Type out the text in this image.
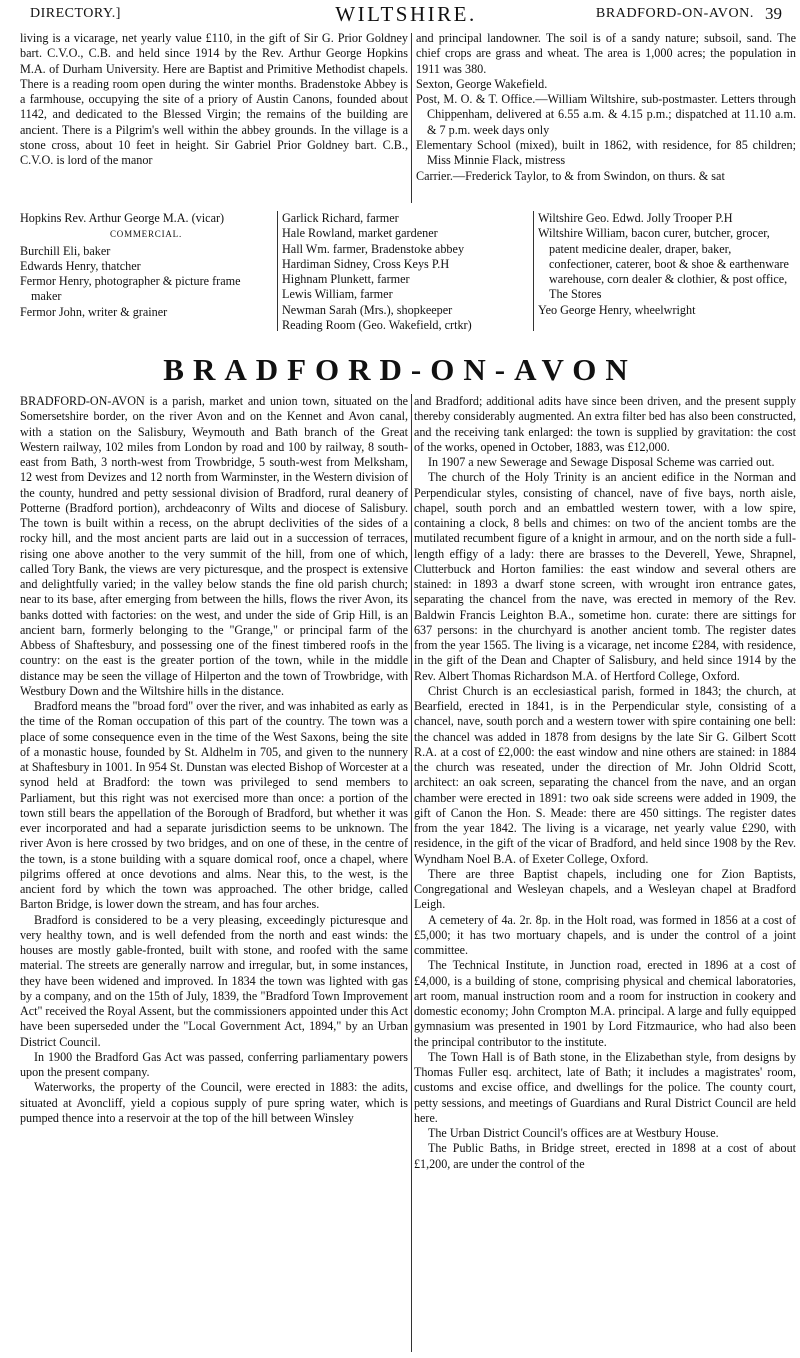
DIRECTORY.]	WILTSHIRE.	BRADFORD-ON-AVON. 39

living is a vicarage, net yearly value £110, in the gift of Sir G. Prior Goldney bart. C.V.O., C.B. and held since 1914 by the Rev. Arthur George Hopkins M.A. of Durham University. Here are Baptist and Primitive Methodist chapels. There is a reading room open during the winter months. Bradenstoke Abbey is a farmhouse, occupying the site of a priory of Austin Canons, founded about 1142, and dedicated to the Blessed Virgin; the remains of the building are ancient. There is a Pilgrim's well within the abbey grounds. In the village is a stone cross, about 10 feet in height. Sir Gabriel Prior Goldney bart. C.B., C.V.O. is lord of the manor

and principal landowner. The soil is of a sandy nature; subsoil, sand. The chief crops are grass and wheat. The area is 1,000 acres; the population in 1911 was 380.

Sexton, George Wakefield.

Post, M. O. & T. Office.—William Wiltshire, sub-postmaster. Letters through Chippenham, delivered at 6.55 a.m. & 4.15 p.m.; dispatched at 11.10 a.m. & 7 p.m. week days only

Elementary School (mixed), built in 1862, with residence, for 85 children; Miss Minnie Flack, mistress

Carrier.—Frederick Taylor, to & from Swindon, on thurs. & sat

Hopkins Rev. Arthur George M.A. (vicar)
COMMERCIAL.
Burchill Eli, baker
Edwards Henry, thatcher
Fermor Henry, photographer & picture frame maker
Fermor John, writer & grainer
Garlick Richard, farmer
Hale Rowland, market gardener
Hall Wm. farmer, Bradenstoke abbey
Hardiman Sidney, Cross Keys P.H
Highnam Plunkett, farmer
Lewis William, farmer
Newman Sarah (Mrs.), shopkeeper
Reading Room (Geo. Wakefield, crtkr)
Wiltshire Geo. Edwd. Jolly Trooper P.H
Wiltshire William, bacon curer, butcher, grocer, patent medicine dealer, draper, baker, confectioner, caterer, boot & shoe & earthenware warehouse, corn dealer & clothier, & post office, The Stores
Yeo George Henry, wheelwright
BRADFORD-ON-AVON

BRADFORD-ON-AVON is a parish, market and union town, situated on the Somersetshire border, on the river Avon and on the Kennet and Avon canal, with a station on the Salisbury, Weymouth and Bath branch of the Great Western railway, 102 miles from London by road and 100 by railway, 8 south-east from Bath, 3 north-west from Trowbridge, 5 south-west from Melksham, 12 west from Devizes and 12 north from Warminster, in the Western division of the county, hundred and petty sessional division of Bradford, rural deanery of Potterne (Bradford portion), archdeaconry of Wilts and diocese of Salisbury. The town is built within a recess, on the abrupt declivities of the sides of a rocky hill, and the most ancient parts are laid out in a succession of terraces, rising one above another to the very summit of the hill, from one of which, called Tory Bank, the views are very picturesque, and the prospect is extensive and delightfully varied; in the valley below stands the fine old parish church; near to its base, after emerging from between the hills, flows the river Avon, its banks dotted with factories: on the west, and under the side of Grip Hill, is an ancient barn, formerly belonging to the "Grange," or principal farm of the Abbess of Shaftesbury, and possessing one of the finest timbered roofs in the country: on the east is the greater portion of the town, while in the middle distance may be seen the village of Hilperton and the town of Trowbridge, with Westbury Down and the Wiltshire hills in the distance.

Bradford means the "broad ford" over the river, and was inhabited as early as the time of the Roman occupation of this part of the country. The town was a place of some consequence even in the time of the West Saxons, being the site of a monastic house, founded by St. Aldhelm in 705, and given to the nunnery at Shaftesbury in 1001. In 954 St. Dunstan was elected Bishop of Worcester at a synod held at Bradford: the town was privileged to send members to Parliament, but this right was not exercised more than once: a portion of the town still bears the appellation of the Borough of Bradford, but whether it was ever incorporated and had a separate jurisdiction seems to be unknown. The river Avon is here crossed by two bridges, and on one of these, in the centre of the town, is a stone building with a square domical roof, once a chapel, where pilgrims offered at once devotions and alms. Near this, to the west, is the ancient ford by which the town was approached. The other bridge, called Barton Bridge, is lower down the stream, and has four arches.

Bradford is considered to be a very pleasing, exceedingly picturesque and very healthy town, and is well defended from the north and east winds: the houses are mostly gable-fronted, built with stone, and roofed with the same material. The streets are generally narrow and irregular, but, in some instances, they have been widened and improved. In 1834 the town was lighted with gas by a company, and on the 15th of July, 1839, the "Bradford Town Improvement Act" received the Royal Assent, but the commissioners appointed under this Act have been superseded under the "Local Government Act, 1894," by an Urban District Council.

In 1900 the Bradford Gas Act was passed, conferring parliamentary powers upon the present company.

Waterworks, the property of the Council, were erected in 1883: the adits, situated at Avoncliff, yield a copious supply of pure spring water, which is pumped thence into a reservoir at the top of the hill between Winsley

and Bradford; additional adits have since been driven, and the present supply thereby considerably augmented. An extra filter bed has also been constructed, and the receiving tank enlarged: the town is supplied by gravitation: the cost of the works, opened in October, 1883, was £12,000.

In 1907 a new Sewerage and Sewage Disposal Scheme was carried out.

The church of the Holy Trinity is an ancient edifice in the Norman and Perpendicular styles, consisting of chancel, nave of five bays, north aisle, chapel, south porch and an embattled western tower, with a low spire, containing a clock, 8 bells and chimes: on two of the ancient tombs are the mutilated recumbent figure of a knight in armour, and on the north side a full-length effigy of a lady: there are brasses to the Deverell, Yewe, Shrapnel, Clutterbuck and Horton families: the east window and several others are stained: in 1893 a dwarf stone screen, with wrought iron entrance gates, separating the chancel from the nave, was erected in memory of the Rev. Baldwin Francis Leighton B.A., sometime hon. curate: there are sittings for 637 persons: in the churchyard is another ancient tomb. The register dates from the year 1565. The living is a vicarage, net income £284, with residence, in the gift of the Dean and Chapter of Salisbury, and held since 1914 by the Rev. Albert Thomas Richardson M.A. of Hertford College, Oxford.

Christ Church is an ecclesiastical parish, formed in 1843; the church, at Bearfield, erected in 1841, is in the Perpendicular style, consisting of a chancel, nave, south porch and a western tower with spire containing one bell: the chancel was added in 1878 from designs by the late Sir G. Gilbert Scott R.A. at a cost of £2,000: the east window and nine others are stained: in 1884 the church was reseated, under the direction of Mr. John Oldrid Scott, architect: an oak screen, separating the chancel from the nave, and an organ chamber were erected in 1891: two oak side screens were added in 1909, the gift of Canon the Hon. S. Meade: there are 450 sittings. The register dates from the year 1842. The living is a vicarage, net yearly value £290, with residence, in the gift of the vicar of Bradford, and held since 1908 by the Rev. Wyndham Noel B.A. of Exeter College, Oxford.

There are three Baptist chapels, including one for Zion Baptists, Congregational and Wesleyan chapels, and a Wesleyan chapel at Bradford Leigh.

A cemetery of 4a. 2r. 8p. in the Holt road, was formed in 1856 at a cost of £5,000; it has two mortuary chapels, and is under the control of a joint committee.

The Technical Institute, in Junction road, erected in 1896 at a cost of £4,000, is a building of stone, comprising physical and chemical laboratories, art room, manual instruction room and a room for instruction in cookery and domestic economy; John Crompton M.A. principal. A large and fully equipped gymnasium was presented in 1901 by Lord Fitzmaurice, who had also been the principal contributor to the institute.

The Town Hall is of Bath stone, in the Elizabethan style, from designs by Thomas Fuller esq. architect, late of Bath; it includes a magistrates' room, customs and excise office, and dwellings for the police. The county court, petty sessions, and meetings of Guardians and Rural District Council are held here.

The Urban District Council's offices are at Westbury House.

The Public Baths, in Bridge street, erected in 1898 at a cost of about £1,200, are under the control of the
